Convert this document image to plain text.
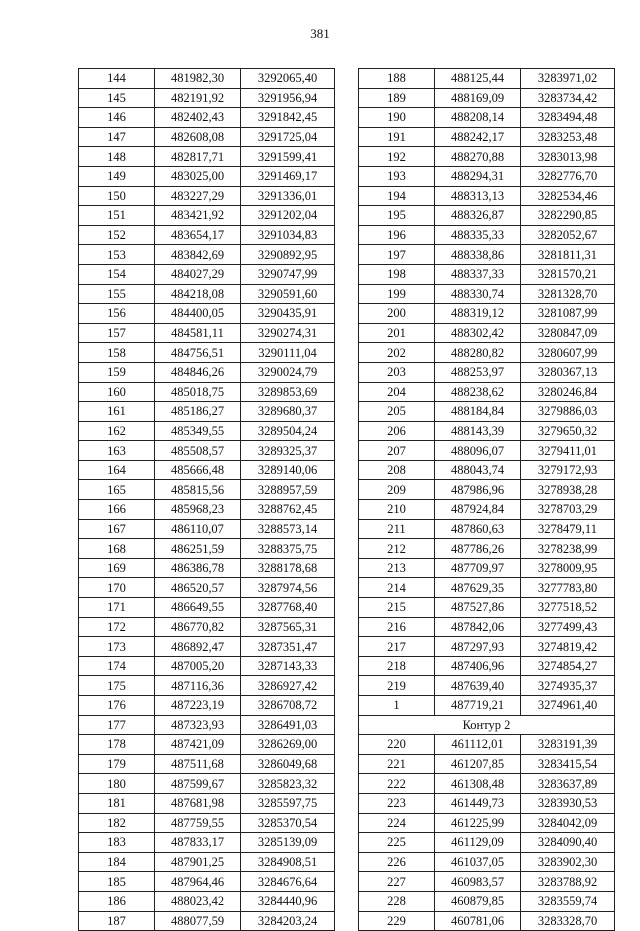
381
144	481982,30	3292065,40
145	482191,92	3291956,94
146	482402,43	3291842,45
147	482608,08	3291725,04
148	482817,71	3291599,41
149	483025,00	3291469,17
150	483227,29	3291336,01
151	483421,92	3291202,04
152	483654,17	3291034,83
153	483842,69	3290892,95
154	484027,29	3290747,99
155	484218,08	3290591,60
156	484400,05	3290435,91
157	484581,11	3290274,31
158	484756,51	3290111,04
159	484846,26	3290024,79
160	485018,75	3289853,69
161	485186,27	3289680,37
162	485349,55	3289504,24
163	485508,57	3289325,37
164	485666,48	3289140,06
165	485815,56	3288957,59
166	485968,23	3288762,45
167	486110,07	3288573,14
168	486251,59	3288375,75
169	486386,78	3288178,68
170	486520,57	3287974,56
171	486649,55	3287768,40
172	486770,82	3287565,31
173	486892,47	3287351,47
174	487005,20	3287143,33
175	487116,36	3286927,42
176	487223,19	3286708,72
177	487323,93	3286491,03
178	487421,09	3286269,00
179	487511,68	3286049,68
180	487599,67	3285823,32
181	487681,98	3285597,75
182	487759,55	3285370,54
183	487833,17	3285139,09
184	487901,25	3284908,51
185	487964,46	3284676,64
186	488023,42	3284440,96
187	488077,59	3284203,24
188	488125,44	3283971,02
189	488169,09	3283734,42
190	488208,14	3283494,48
191	488242,17	3283253,48
192	488270,88	3283013,98
193	488294,31	3282776,70
194	488313,13	3282534,46
195	488326,87	3282290,85
196	488335,33	3282052,67
197	488338,86	3281811,31
198	488337,33	3281570,21
199	488330,74	3281328,70
200	488319,12	3281087,99
201	488302,42	3280847,09
202	488280,82	3280607,99
203	488253,97	3280367,13
204	488238,62	3280246,84
205	488184,84	3279886,03
206	488143,39	3279650,32
207	488096,07	3279411,01
208	488043,74	3279172,93
209	487986,96	3278938,28
210	487924,84	3278703,29
211	487860,63	3278479,11
212	487786,26	3278238,99
213	487709,97	3278009,95
214	487629,35	3277783,80
215	487527,86	3277518,52
216	487842,06	3277499,43
217	487297,93	3274819,42
218	487406,96	3274854,27
219	487639,40	3274935,37
1	487719,21	3274961,40
Контур 2		
220	461112,01	3283191,39
221	461207,85	3283415,54
222	461308,48	3283637,89
223	461449,73	3283930,53
224	461225,99	3284042,09
225	461129,09	3284090,40
226	461037,05	3283902,30
227	460983,57	3283788,92
228	460879,85	3283559,74
229	460781,06	3283328,70
